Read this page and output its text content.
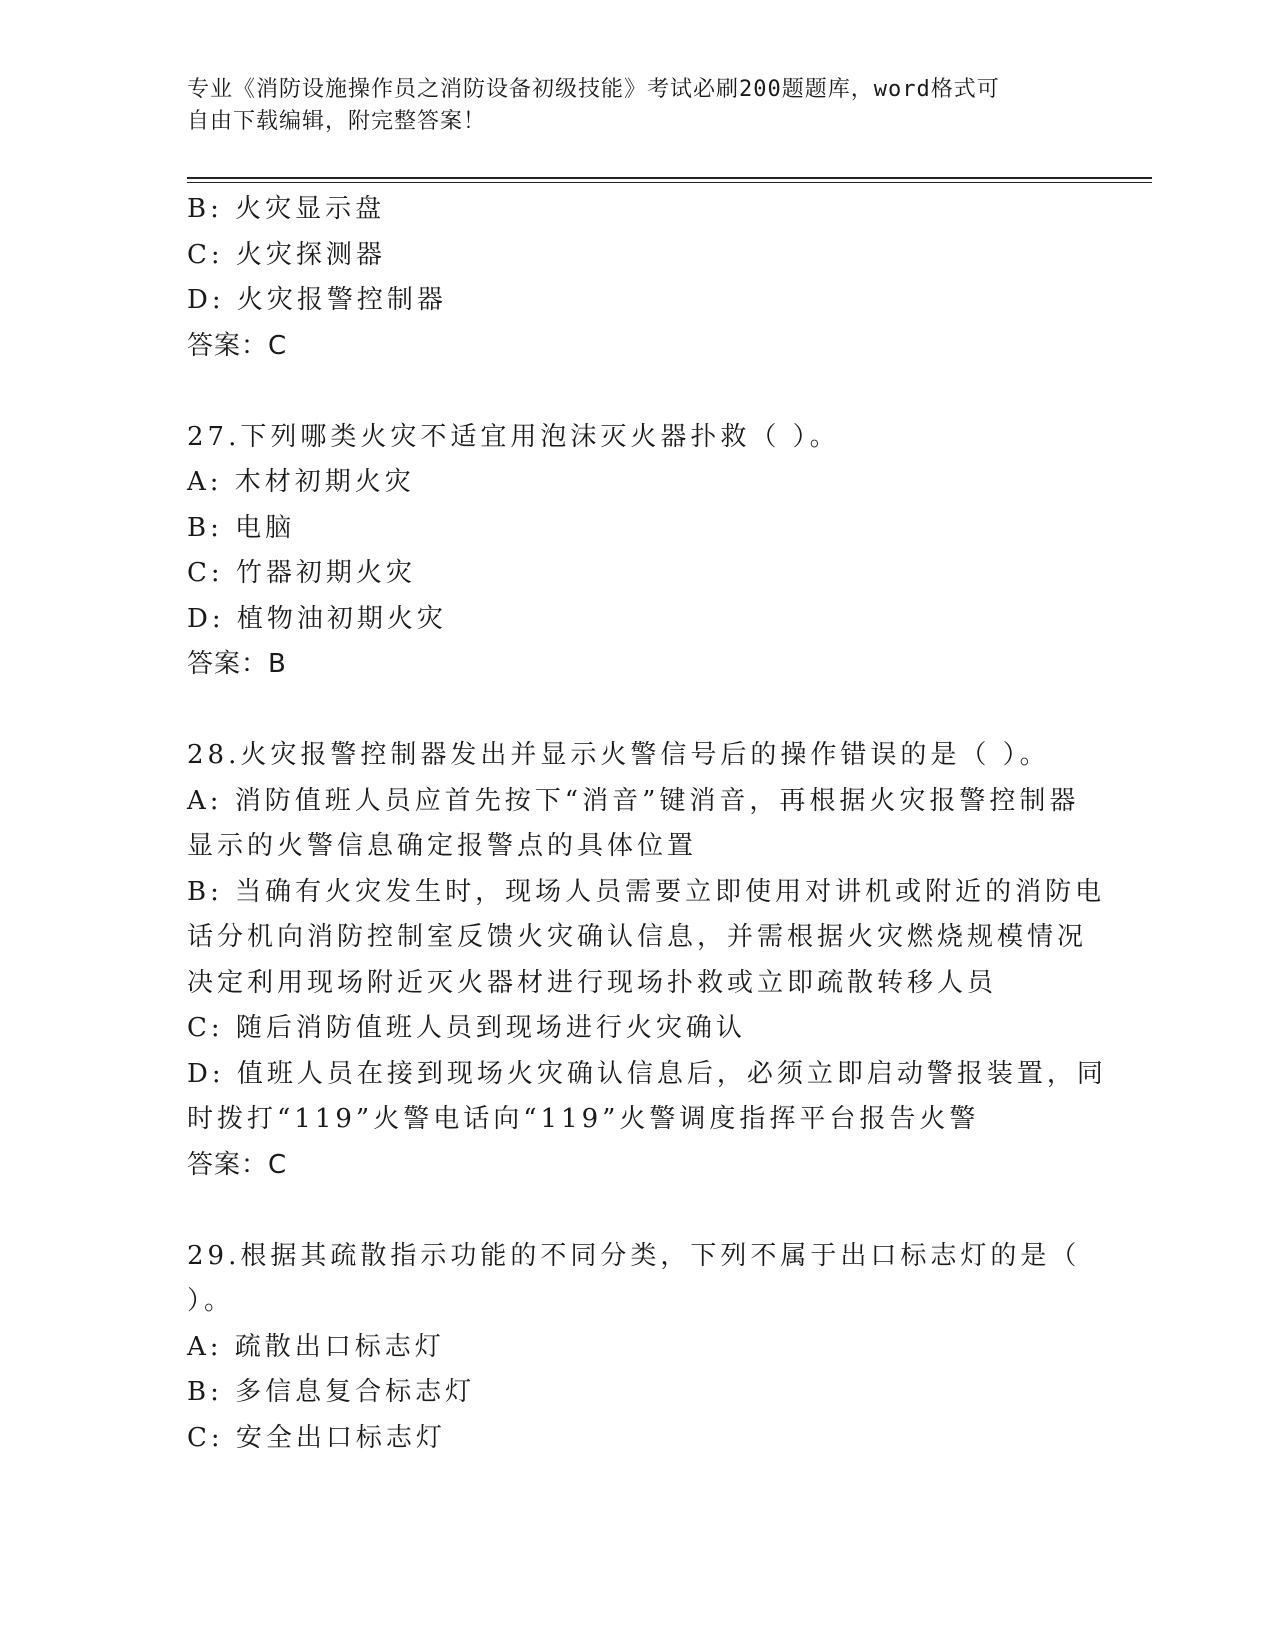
专业《消防设施操作员之消防设备初级技能》考试必刷200题题库，word格式可
自由下载编辑，附完整答案！
B: 火灾显示盘
C: 火灾探测器
D: 火灾报警控制器
答案：C
27.下列哪类火灾不适宜用泡沫灭火器扑救（ ）。
A: 木材初期火灾
B: 电脑
C: 竹器初期火灾
D: 植物油初期火灾
答案：B
28.火灾报警控制器发出并显示火警信号后的操作错误的是（ ）。
A: 消防值班人员应首先按下“消音”键消音，再根据火灾报警控制器
显示的火警信息确定报警点的具体位置
B: 当确有火灾发生时，现场人员需要立即使用对讲机或附近的消防电
话分机向消防控制室反馈火灾确认信息，并需根据火灾燃烧规模情况
决定利用现场附近灭火器材进行现场扑救或立即疏散转移人员
C: 随后消防值班人员到现场进行火灾确认
D: 值班人员在接到现场火灾确认信息后，必须立即启动警报装置，同
时拨打“119”火警电话向“119”火警调度指挥平台报告火警
答案：C
29.根据其疏散指示功能的不同分类，下列不属于出口标志灯的是（
）。
A: 疏散出口标志灯
B: 多信息复合标志灯
C: 安全出口标志灯
